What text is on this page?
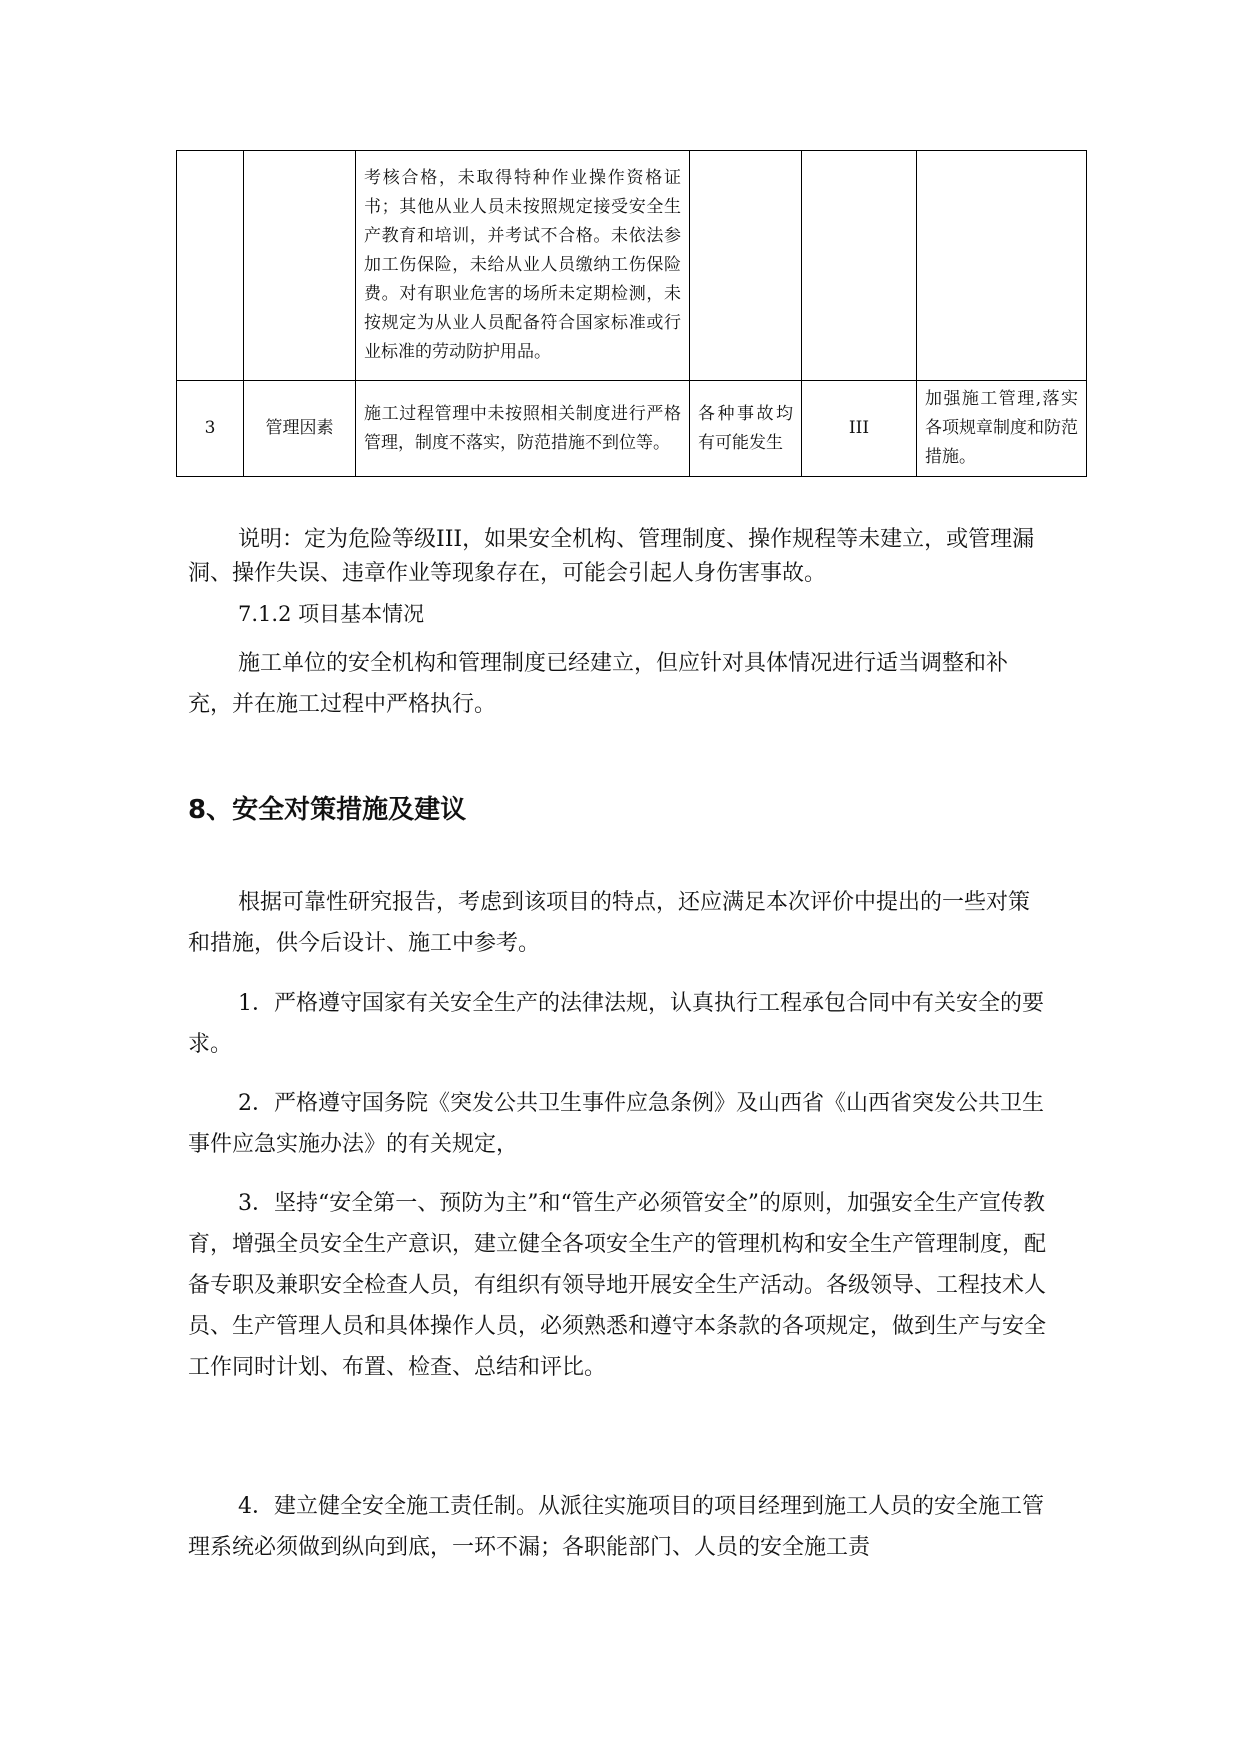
		考核合格，未取得特种作业操作资格证书；其他从业人员未按照规定接受安全生产教育和培训，并考试不合格。未依法参加工伤保险，未给从业人员缴纳工伤保险费。对有职业危害的场所未定期检测，未按规定为从业人员配备符合国家标准或行业标准的劳动防护用品。			
3	管理因素	施工过程管理中未按照相关制度进行严格管理，制度不落实，防范措施不到位等。	各种事故均有可能发生	III	加强施工管理,落实各项规章制度和防范措施。

说明：定为危险等级III，如果安全机构、管理制度、操作规程等未建立，或管理漏洞、操作失误、违章作业等现象存在，可能会引起人身伤害事故。

7.1.2 项目基本情况

施工单位的安全机构和管理制度已经建立，但应针对具体情况进行适当调整和补充，并在施工过程中严格执行。

8、安全对策措施及建议

根据可靠性研究报告，考虑到该项目的特点，还应满足本次评价中提出的一些对策和措施，供今后设计、施工中参考。

1．严格遵守国家有关安全生产的法律法规，认真执行工程承包合同中有关安全的要求。

2．严格遵守国务院《突发公共卫生事件应急条例》及山西省《山西省突发公共卫生事件应急实施办法》的有关规定，

3．坚持“安全第一、预防为主”和“管生产必须管安全”的原则，加强安全生产宣传教育，增强全员安全生产意识，建立健全各项安全生产的管理机构和安全生产管理制度，配备专职及兼职安全检查人员，有组织有领导地开展安全生产活动。各级领导、工程技术人员、生产管理人员和具体操作人员，必须熟悉和遵守本条款的各项规定，做到生产与安全工作同时计划、布置、检查、总结和评比。

4．建立健全安全施工责任制。从派往实施项目的项目经理到施工人员的安全施工管理系统必须做到纵向到底，一环不漏；各职能部门、人员的安全施工责
